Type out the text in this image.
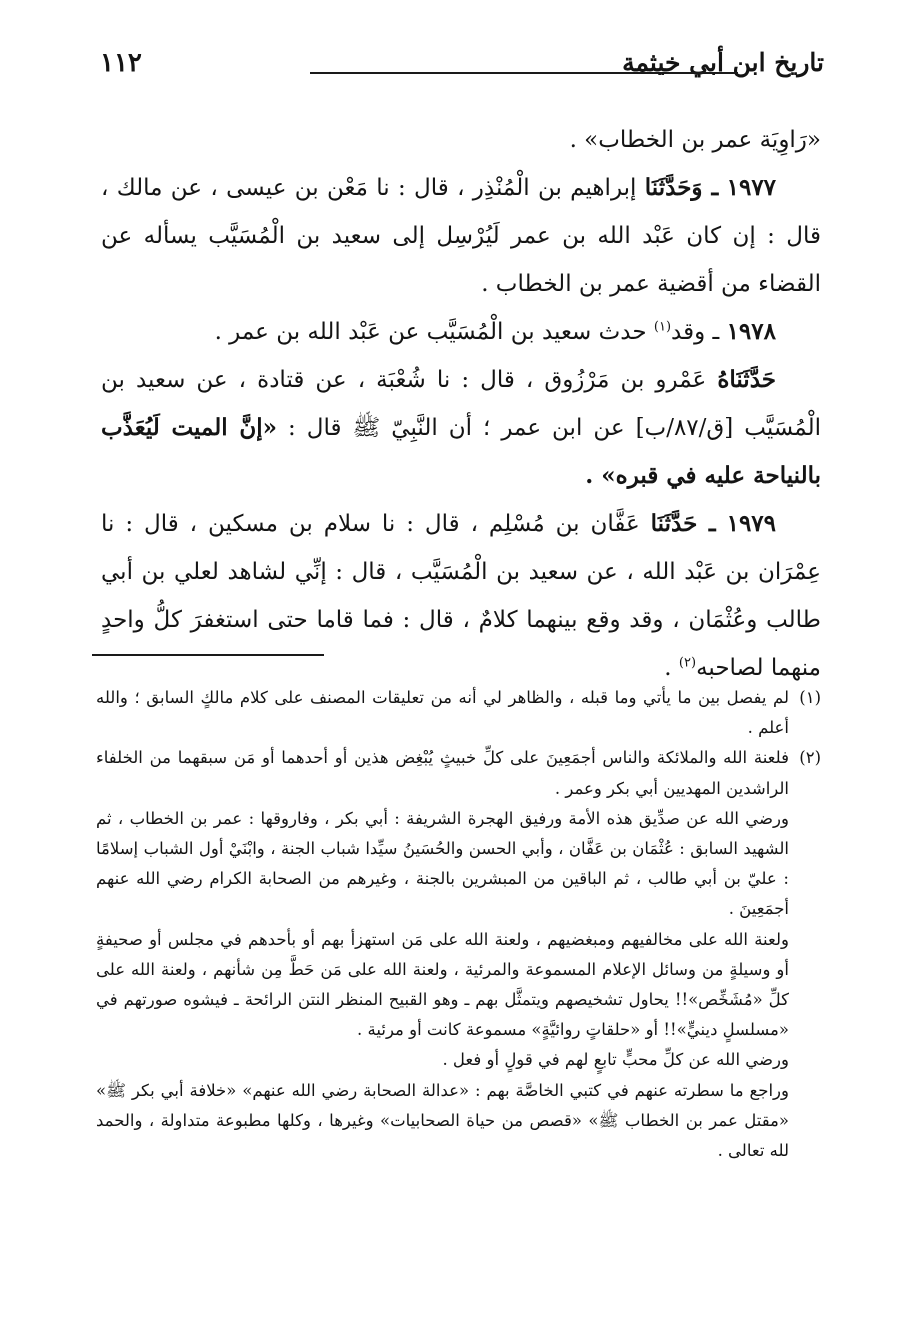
تاريخ ابن أبي خيثمة
١١٢

«رَاوِيَة عمر بن الخطاب» .

١٩٧٧ ـ وَحَدَّثَنَا إبراهيم بن الْمُنْذِر ، قال : نا مَعْن بن عيسى ، عن مالك ، قال : إن كان عَبْد الله بن عمر لَيُرْسِل إلى سعيد بن الْمُسَيَّب يسأله عن القضاء من أقضية عمر بن الخطاب .

١٩٧٨ ـ وقد$^{(١)}$ حدث سعيد بن الْمُسَيَّب عن عَبْد الله بن عمر .

حَدَّثَنَاهُ عَمْرو بن مَرْزُوق ، قال : نا شُعْبَة ، عن قتادة ، عن سعيد بن الْمُسَيَّب [ق/٨٧/ب] عن ابن عمر ؛ أن النَّبِيّ ﷺ قال : «إنَّ الميت لَيُعَذَّب بالنياحة عليه في قبره» .

١٩٧٩ ـ حَدَّثَنَا عَفَّان بن مُسْلِم ، قال : نا سلام بن مسكين ، قال : نا عِمْرَان بن عَبْد الله ، عن سعيد بن الْمُسَيَّب ، قال : إنِّي لشاهد لعلي بن أبي طالب وعُثْمَان ، وقد وقع بينهما كلامٌ ، قال : فما قاما حتى استغفرَ كلُّ واحدٍ منهما لصاحبه$^{(٢)}$ .

(١)
لم يفصل بين ما يأتي وما قبله ، والظاهر لي أنه من تعليقات المصنف على كلام مالكٍ السابق ؛ والله أعلم .

(٢)
فلعنة الله والملائكة والناس أجمَعِينَ على كلِّ خبيثٍ يُبْغِض هذين أو أحدهما أو مَن سبقهما من الخلفاء الراشدين المهديين أبي بكر وعمر .

ورضي الله عن صدِّيق هذه الأمة ورفيق الهجرة الشريفة : أبي بكر ، وفاروقها : عمر بن الخطاب ، ثم الشهيد السابق : عُثْمَان بن عَفَّان ، وأبي الحسن والحُسَينُ سيِّدا شباب الجنة ، وابْنَيْ أول الشباب إسلامًا : عليّ بن أبي طالب ، ثم الباقين من المبشرين بالجنة ، وغيرهم من الصحابة الكرام رضي الله عنهم أجمَعِينَ .

ولعنة الله على مخالفيهم ومبغضيهم ، ولعنة الله على مَن استهزأ بهم أو بأحدهم في مجلس أو صحيفةٍ أو وسيلةٍ من وسائل الإعلام المسموعة والمرئية ، ولعنة الله على مَن حَطَّ مِن شأنهم ، ولعنة الله على كلِّ «مُشَخِّص»!! يحاول تشخيصهم ويتمثَّل بهم ـ وهو القبيح المنظر النتن الرائحة ـ فيشوه صورتهم في «مسلسلٍ دينيٍّ»!! أو «حلقاتٍ روائيَّةٍ» مسموعة كانت أو مرئية .

ورضي الله عن كلِّ محبٍّ تابعٍ لهم في قولٍ أو فعل .

وراجع ما سطرته عنهم في كتبي الخاصَّة بهم : «عدالة الصحابة رضي الله عنهم» «خلافة أبي بكر ﷺ» «مقتل عمر بن الخطاب ﷺ» «قصص من حياة الصحابيات» وغيرها ، وكلها مطبوعة متداولة ، والحمد لله تعالى .
